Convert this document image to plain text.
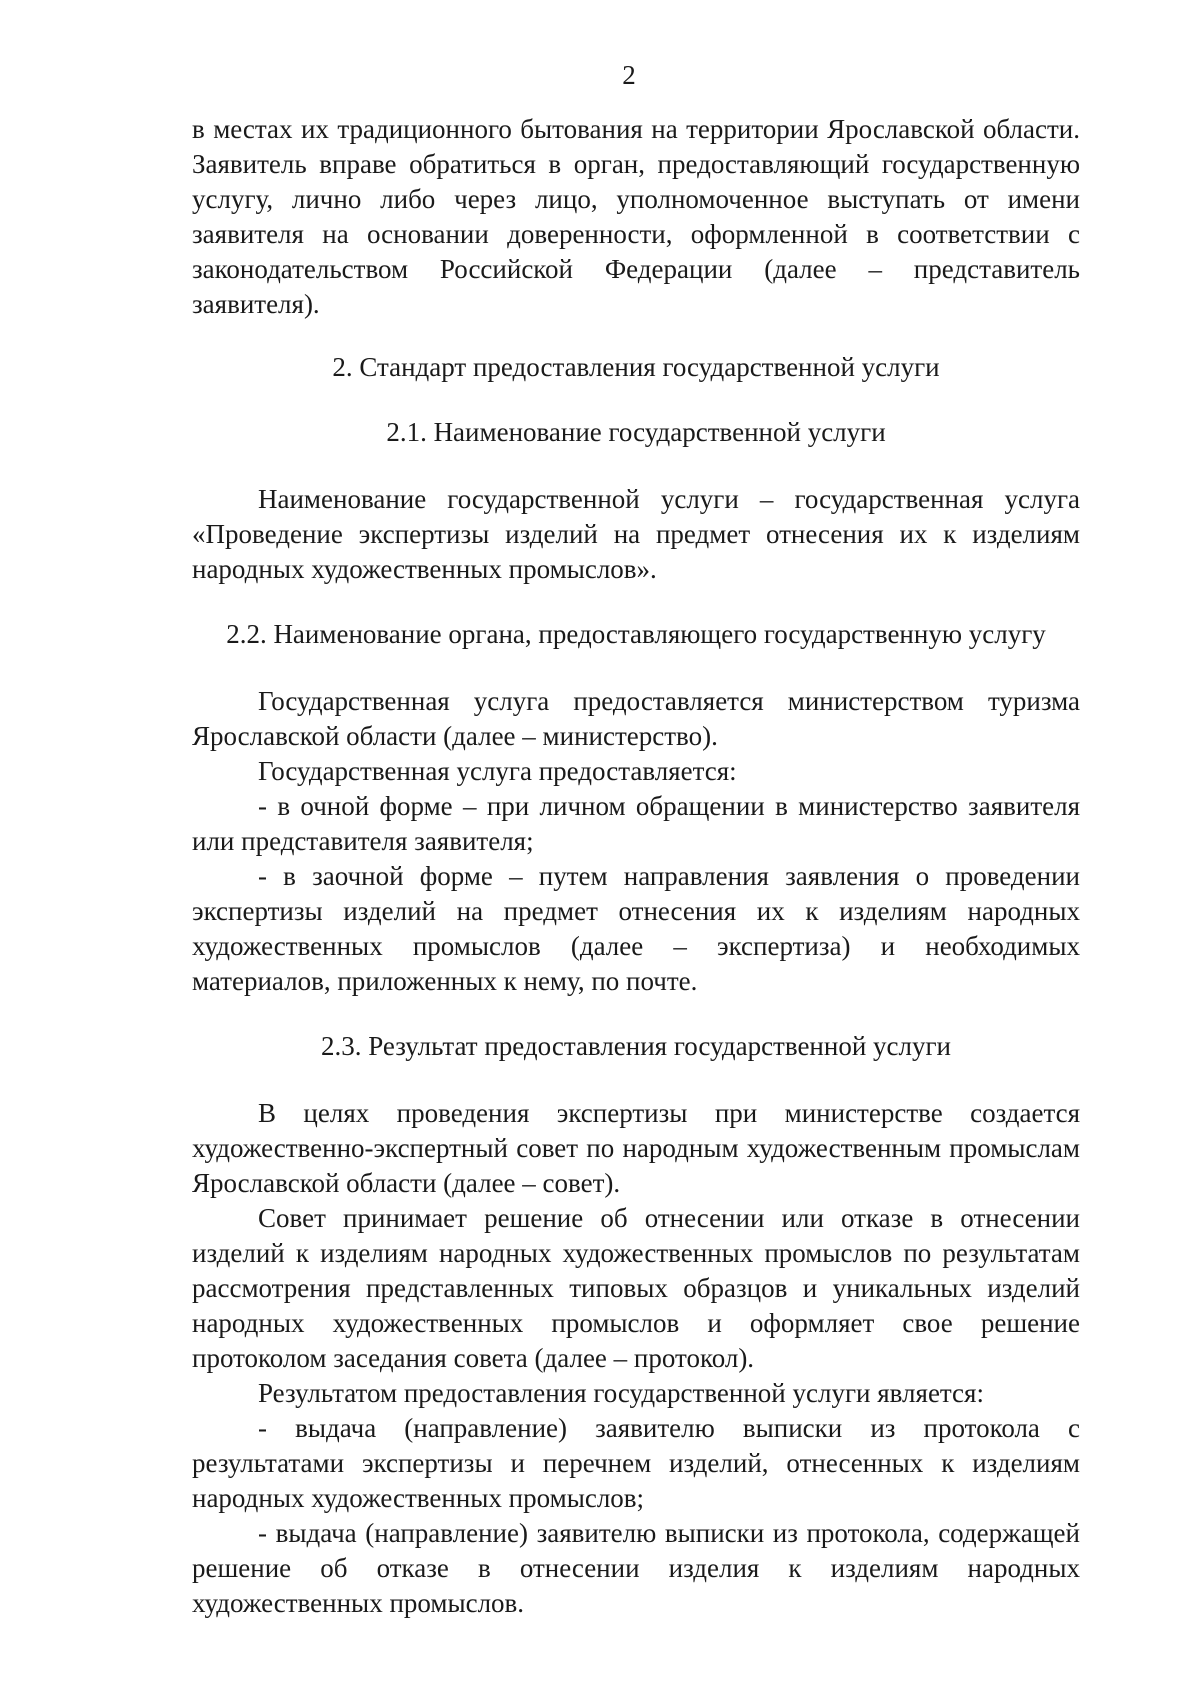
2

в местах их традиционного бытования на территории Ярославской области. Заявитель вправе обратиться в орган, предоставляющий государственную услугу, лично либо через лицо, уполномоченное выступать от имени заявителя на основании доверенности, оформленной в соответствии с законодательством Российской Федерации (далее – представитель заявителя).

2. Стандарт предоставления государственной услуги

2.1. Наименование государственной услуги

Наименование государственной услуги – государственная услуга «Проведение экспертизы изделий на предмет отнесения их к изделиям народных художественных промыслов».

2.2. Наименование органа, предоставляющего государственную услугу

Государственная услуга предоставляется министерством туризма Ярославской области (далее – министерство).

Государственная услуга предоставляется:

- в очной форме – при личном обращении в министерство заявителя или представителя заявителя;

- в заочной форме – путем направления заявления о проведении экспертизы изделий на предмет отнесения их к изделиям народных художественных промыслов (далее – экспертиза) и необходимых материалов, приложенных к нему, по почте.

2.3. Результат предоставления государственной услуги

В целях проведения экспертизы при министерстве создается художественно-экспертный совет по народным художественным промыслам Ярославской области (далее – совет).

Совет принимает решение об отнесении или отказе в отнесении изделий к изделиям народных художественных промыслов по результатам рассмотрения представленных типовых образцов и уникальных изделий народных художественных промыслов и оформляет свое решение протоколом заседания совета (далее – протокол).

Результатом предоставления государственной услуги является:

- выдача (направление) заявителю выписки из протокола с результатами экспертизы и перечнем изделий, отнесенных к изделиям народных художественных промыслов;

- выдача (направление) заявителю выписки из протокола, содержащей решение об отказе в отнесении изделия к изделиям народных художественных промыслов.
